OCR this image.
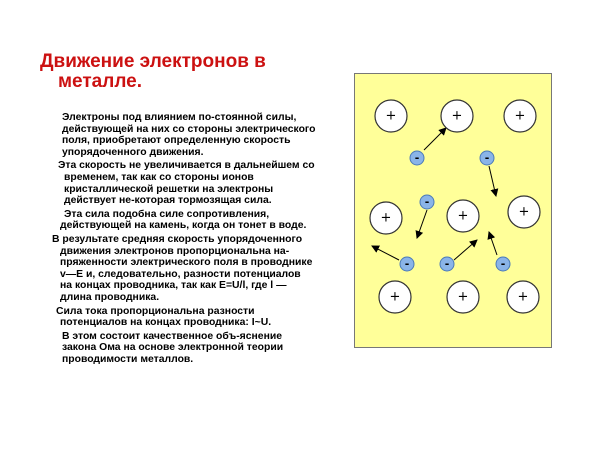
Движение электронов в
металле.
Электроны под влиянием по-стоянной силы,
действующей на них со стороны электрического
поля, приобретают определенную скорость
упорядоченного движения.
Эта скорость не увеличивается в дальнейшем со
временем, так как со стороны ионов
кристаллической решетки на электроны
действует не-которая тормозящая сила.
Эта сила подобна силе сопротивления,
действующей на камень, когда он тонет в воде.
В результате средняя скорость упорядоченного
движения электронов пропорциональна на-
пряженности электрического поля в проводнике
v—E и, следовательно, разности потенциалов
на концах проводника, так как E=U/l, где l —
длина проводника.
Сила тока пропорциональна разности
потенциалов на концах проводника: I~U.
В этом состоит качественное объ-яснение
закона Ома на основе электронной теории
проводимости металлов.
+	+	+
+	+	+
+	+	+
-	-
-
-	-	-
